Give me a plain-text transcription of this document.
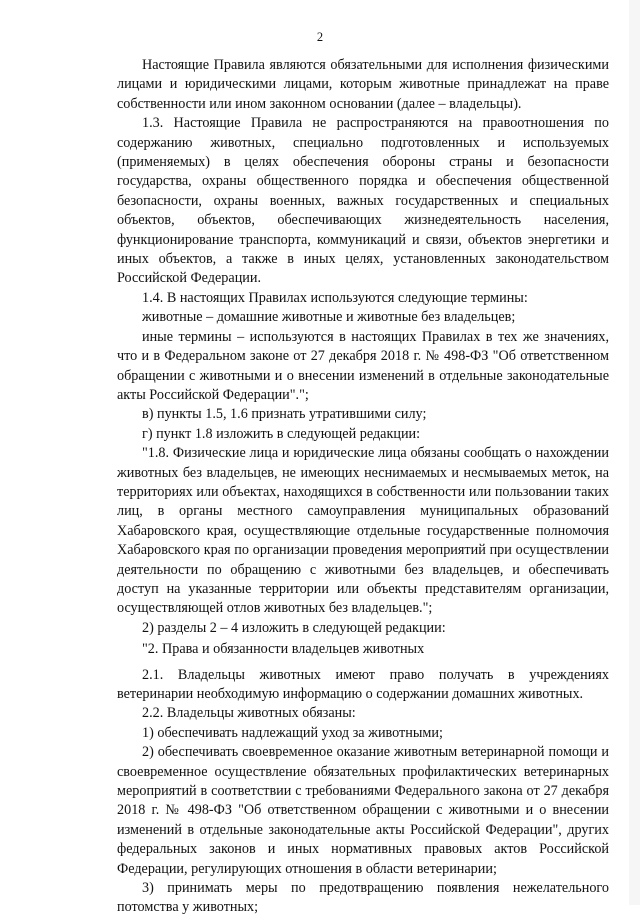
2

Настоящие Правила являются обязательными для исполнения физическими лицами и юридическими лицами, которым животные принадлежат на праве собственности или ином законном основании (далее – владельцы).

1.3. Настоящие Правила не распространяются на правоотношения по содержанию животных, специально подготовленных и используемых (применяемых) в целях обеспечения обороны страны и безопасности государства, охраны общественного порядка и обеспечения общественной безопасности, охраны военных, важных государственных и специальных объектов, объектов, обеспечивающих жизнедеятельность населения, функционирование транспорта, коммуникаций и связи, объектов энергетики и иных объектов, а также в иных целях, установленных законодательством Российской Федерации.

1.4. В настоящих Правилах используются следующие термины:

животные – домашние животные и животные без владельцев;

иные термины – используются в настоящих Правилах в тех же значениях, что и в Федеральном законе от 27 декабря 2018 г. № 498-ФЗ "Об ответственном обращении с животными и о внесении изменений в отдельные законодательные акты Российской Федерации".";

в) пункты 1.5, 1.6 признать утратившими силу;

г) пункт 1.8 изложить в следующей редакции:

"1.8. Физические лица и юридические лица обязаны сообщать о нахождении животных без владельцев, не имеющих неснимаемых и несмываемых меток, на территориях или объектах, находящихся в собственности или пользовании таких лиц, в органы местного самоуправления муниципальных образований Хабаровского края, осуществляющие отдельные государственные полномочия Хабаровского края по организации проведения мероприятий при осуществлении деятельности по обращению с животными без владельцев, и обеспечивать доступ на указанные территории или объекты представителям организации, осуществляющей отлов животных без владельцев.";

2) разделы 2 – 4 изложить в следующей редакции:

"2. Права и обязанности владельцев животных

2.1. Владельцы животных имеют право получать в учреждениях ветеринарии необходимую информацию о содержании домашних животных.

2.2. Владельцы животных обязаны:

1) обеспечивать надлежащий уход за животными;

2) обеспечивать своевременное оказание животным ветеринарной помощи и своевременное осуществление обязательных профилактических ветеринарных мероприятий в соответствии с требованиями Федерального закона от 27 декабря 2018 г. № 498-ФЗ "Об ответственном обращении с животными и о внесении изменений в отдельные законодательные акты Российской Федерации", других федеральных законов и иных нормативных правовых актов Российской Федерации, регулирующих отношения в области ветеринарии;

3) принимать меры по предотвращению появления нежелательного потомства у животных;
